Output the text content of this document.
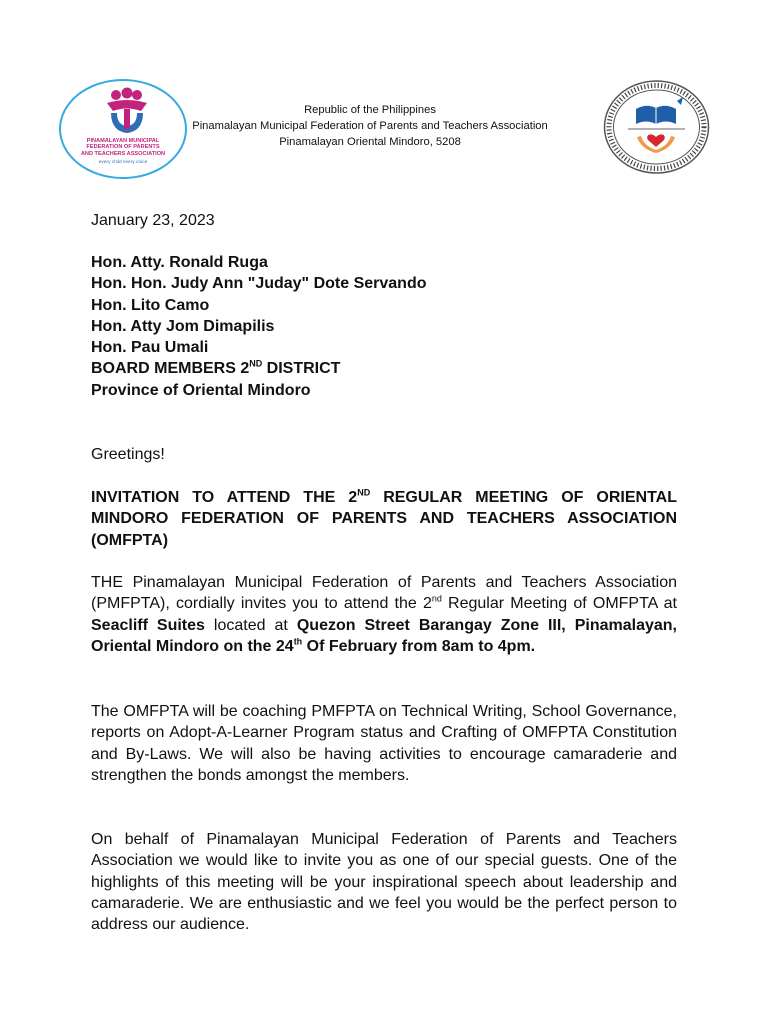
PINAMALAYAN MUNICIPAL
FEDERATION OF PARENTS
AND TEACHERS ASSOCIATION
every child every voice
Republic of the Philippines
Pinamalayan Municipal Federation of Parents and Teachers Association
Pinamalayan Oriental Mindoro, 5208
January 23, 2023
Hon. Atty. Ronald Ruga
Hon. Hon. Judy Ann "Juday" Dote Servando
Hon. Lito Camo
Hon. Atty Jom Dimapilis
Hon. Pau Umali
BOARD MEMBERS 2ND DISTRICT
Province of Oriental Mindoro
Greetings!
INVITATION TO ATTEND THE 2ND REGULAR MEETING OF ORIENTAL MINDORO FEDERATION OF PARENTS AND TEACHERS ASSOCIATION (OMFPTA)
THE Pinamalayan Municipal Federation of Parents and Teachers Association (PMFPTA), cordially invites you to attend the 2nd Regular Meeting of OMFPTA at Seacliff Suites located at Quezon Street Barangay Zone III, Pinamalayan, Oriental Mindoro on the 24th Of February from 8am to 4pm.
The OMFPTA will be coaching PMFPTA on Technical Writing, School Governance, reports on Adopt-A-Learner Program status and Crafting of OMFPTA Constitution and By-Laws. We will also be having activities to encourage camaraderie and strengthen the bonds amongst the members.
On behalf of Pinamalayan Municipal Federation of Parents and Teachers Association we would like to invite you as one of our special guests. One of the highlights of this meeting will be your inspirational speech about leadership and camaraderie. We are enthusiastic and we feel you would be the perfect person to address our audience.
